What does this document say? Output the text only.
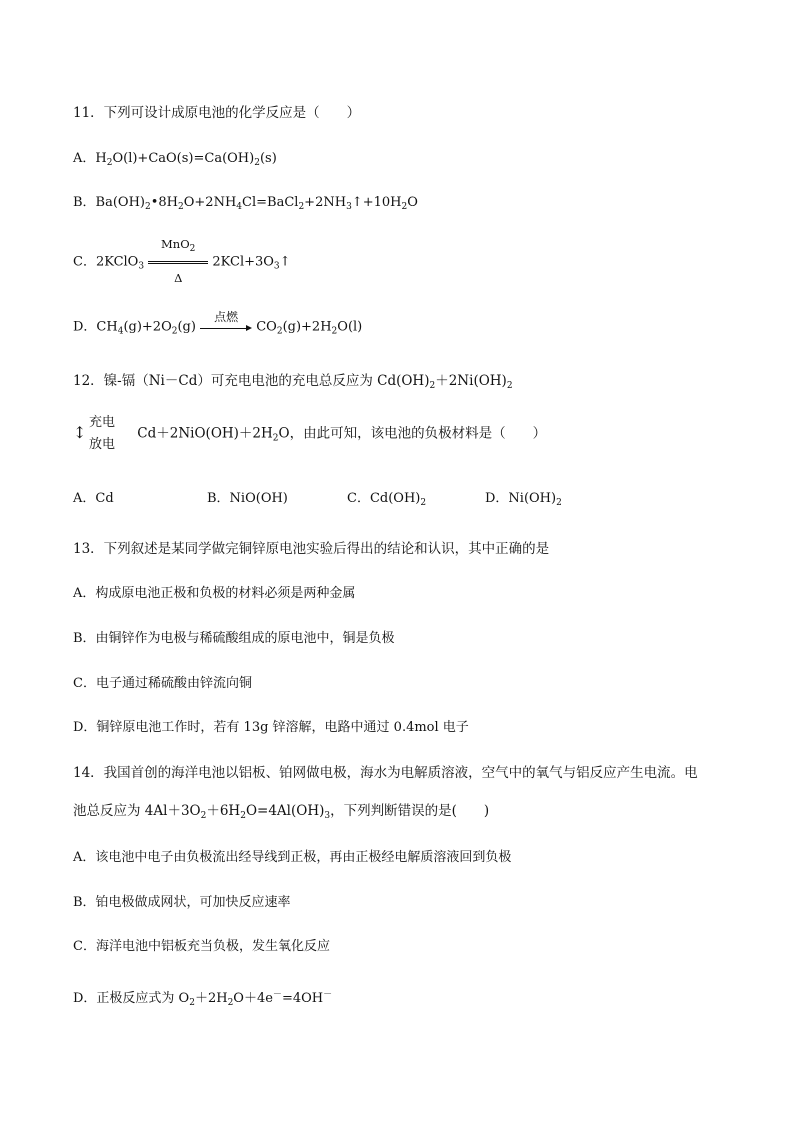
11．下列可设计成原电池的化学反应是（　　）
A．$H_2O(l)+CaO(s)=Ca(OH)_2(s)$
B．$Ba(OH)_2•8H_2O+2NH_4Cl=BaCl_2+2NH_3↑+10H_2O$
C．2KClO$_3$ $\frac{MnO_2}{\Delta}$ $2KCl+3O_3↑$
D．$CH_4(g)+2O_2(g)$
点燃
$CO_2(g)+2H_2O(l)$
12．镍-镉（Ni－Cd）可充电电池的充电总反应为 $Cd(OH)_2+2Ni(OH)_2$
↕
充电
放电
$Cd+2NiO(OH)+2H_2O$，由此可知，该电池的负极材料是（　　）
A．Cd	B．NiO(OH)	C．$Cd(OH)_2$	D．$Ni(OH)_2$
13．下列叙述是某同学做完铜锌原电池实验后得出的结论和认识，其中正确的是
A．构成原电池正极和负极的材料必须是两种金属
B．由铜锌作为电极与稀硫酸组成的原电池中，铜是负极
C．电子通过稀硫酸由锌流向铜
D．铜锌原电池工作时，若有 13g 锌溶解，电路中通过 0.4mol 电子
14．我国首创的海洋电池以铝板、铂网做电极，海水为电解质溶液，空气中的氧气与铝反应产生电流。电
池总反应为 $4Al+3O_2+6H_2O=4Al(OH)_3$，下列判断错误的是(　　)
A．该电池中电子由负极流出经导线到正极，再由正极经电解质溶液回到负极
B．铂电极做成网状，可加快反应速率
C．海洋电池中铝板充当负极，发生氧化反应
D．正极反应式为 $O_2+2H_2O+4e^-=4OH^-$
